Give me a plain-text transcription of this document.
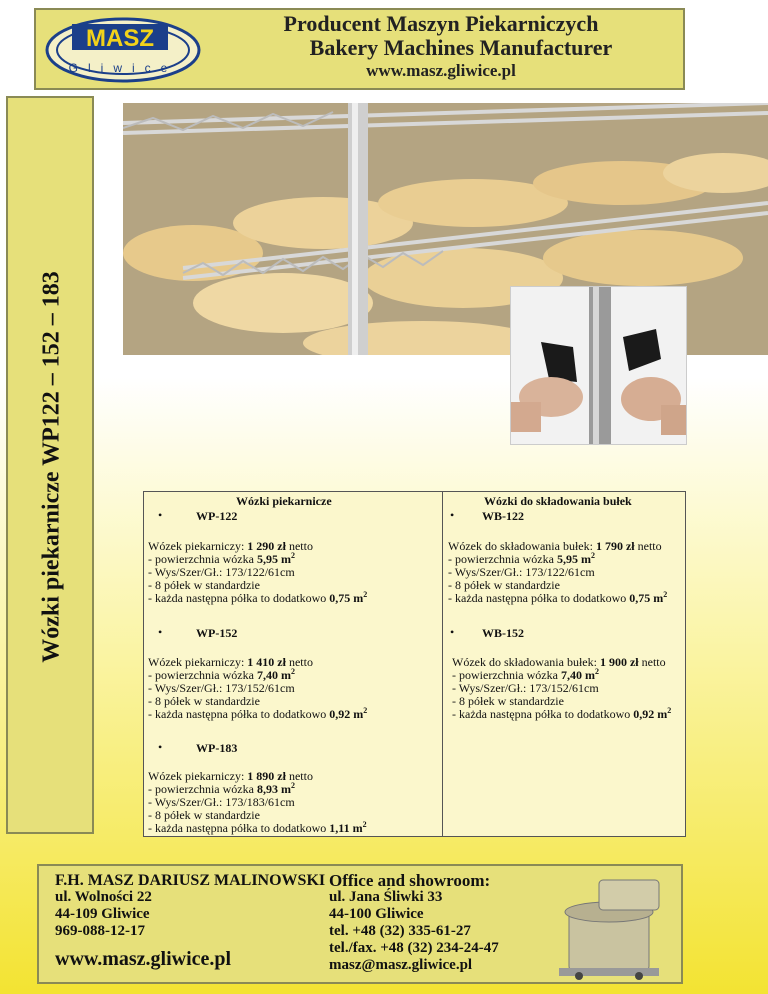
MASZ
Gliwice
Producent Maszyn Piekarniczych
Bakery Machines Manufacturer
www.masz.gliwice.pl
Wózki piekarnicze WP122 – 152 – 183	Wózki piekarnicze
•	WP-122
Wózek piekarniczy: 1 290 zł netto
- powierzchnia wózka 5,95 $m^2$
- Wys/Szer/Gł.: 173/122/61cm
- 8 półek w standardzie
- każda następna półka to dodatkowo 0,75 $m^2$
•	WP-152
Wózek piekarniczy: 1 410 zł netto
- powierzchnia wózka 7,40 $m^2$
- Wys/Szer/Gł.: 173/152/61cm
- 8 półek w standardzie
- każda następna półka to dodatkowo 0,92 $m^2$
•	WP-183
Wózek piekarniczy: 1 890 zł netto
- powierzchnia wózka 8,93 $m^2$
- Wys/Szer/Gł.: 173/183/61cm
- 8 półek w standardzie
- każda następna półka to dodatkowo 1,11 $m^2$
Wózki do składowania bułek
• WB-122
Wózek do składowania bułek: 1 790 zł netto
- powierzchnia wózka 5,95 $m^2$
- Wys/Szer/Gł.: 173/122/61cm
- 8 półek w standardzie
- każda następna półka to dodatkowo 0,75 $m^2$
• WB-152
Wózek do składowania bułek: 1 900 zł netto
- powierzchnia wózka 7,40 $m^2$
- Wys/Szer/Gł.: 173/152/61cm
- 8 półek w standardzie
- każda następna półka to dodatkowo 0,92 $m^2$
F.H. MASZ DARIUSZ MALINOWSKI
ul. Wolności 22
44-109 Gliwice
969-088-12-17
www.masz.gliwice.pl
Office and showroom:
ul. Jana Śliwki 33
44-100 Gliwice
tel. +48 (32) 335-61-27
tel./fax. +48 (32) 234-24-47
masz@masz.gliwice.pl
